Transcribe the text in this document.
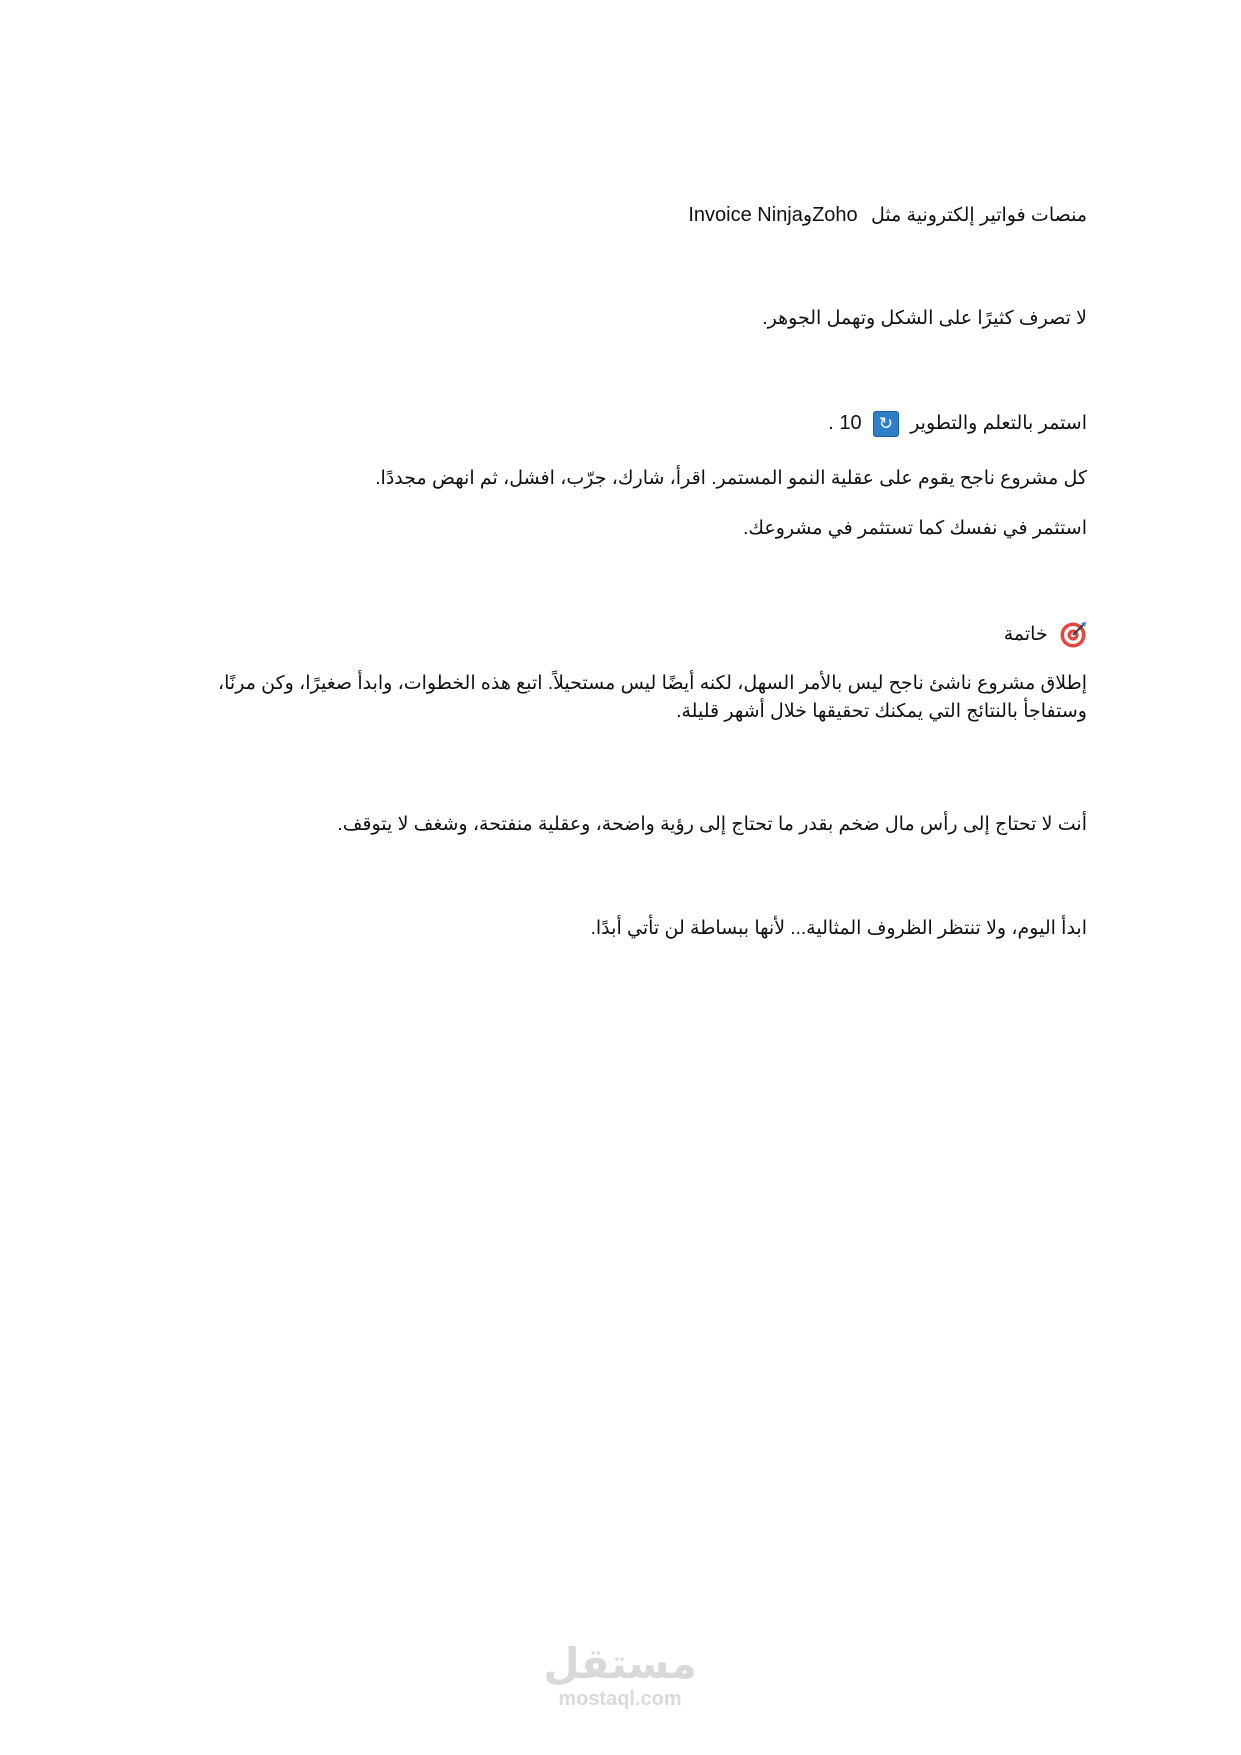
منصات فواتير إلكترونية مثل ZohoوInvoice Ninja
لا تصرف كثيرًا على الشكل وتهمل الجوهر.
استمر بالتعلم والتطوير ↻ 10 .
كل مشروع ناجح يقوم على عقلية النمو المستمر. اقرأ، شارك، جرّب، افشل، ثم انهض مجددًا.
استثمر في نفسك كما تستثمر في مشروعك.
خاتمة

إطلاق مشروع ناشئ ناجح ليس بالأمر السهل، لكنه أيضًا ليس مستحيلاً. اتبع هذه الخطوات، وابدأ صغيرًا، وكن مرنًا،

وستفاجأ بالنتائج التي يمكنك تحقيقها خلال أشهر قليلة.

أنت لا تحتاج إلى رأس مال ضخم بقدر ما تحتاج إلى رؤية واضحة، وعقلية منفتحة، وشغف لا يتوقف.
ابدأ اليوم، ولا تنتظر الظروف المثالية... لأنها ببساطة لن تأتي أبدًا.
مستقل
mostaql.com
